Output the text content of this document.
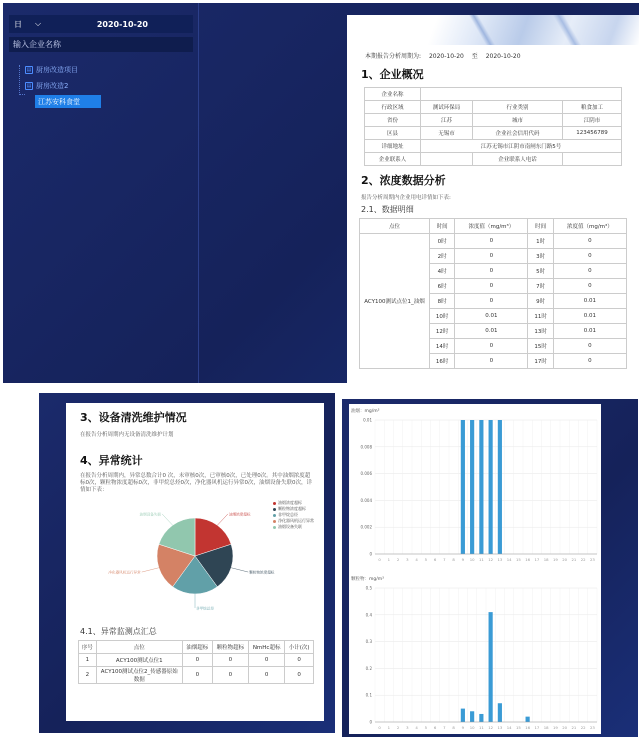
日	⌵	2020-10-20
输入企业名称
▤ 厨房改造项目
▤ 厨房改造2
江苏安科食堂
本期报告分析周期为: 2020-10-20 至 2020-10-20
1、企业概况
企业名称			
行政区域	测试环保局	行业类别	粮食加工
省份	江苏	城市	江阴市
区县	无锡市	企业社会信用代码	123456789
详细地址	江苏无锡市江阴市南闸东门路5号		
企业联系人		企业联系人电话	
2、浓度数据分析
报告分析周期内企业用电详情如下表:
2.1、数据明细
点位	时间	浓度值（mg/m³）	时间	浓度值（mg/m³）
ACY100测试点位1_油烟	0时	0	1时	0
	2时	0	3时	0
	4时	0	5时	0
	6时	0	7时	0
	8时	0	9时	0.01
	10时	0.01	11时	0.01
	12时	0.01	13时	0.01
	14时	0	15时	0
	16时	0	17时	0
3、设备清洗维护情况
在报告分析周期内无设备清洗维护计划
4、异常统计
在报告分析周期内，异常总数合计0 次，未审核0次，已审核0次，已处理0次。其中油烟浓度超标0次，颗粒物浓度超标0次，非甲烷总烃0次，净化器风机运行异常0次，油烟设备失联0次，详情如下表：
油烟浓度超标
颗粒物浓度超标
非甲烷总烃
净化器风机运行异常
油烟设备失联
油烟浓度超标
颗粒物浓度超标
非甲烷总烃
净化器风机运行异常
油烟设备失联
4.1、异常监测点汇总
序号	点位	油烟超标	颗粒物超标	NmHc超标	小计(次)
1	ACY100测试点位1	0	0	0	0
2	ACY100测试点位2_传感器原始数据	0	0	0	0
油烟：mg/m³
0
0.002
0.004
0.006
0.008
0.01
0 1 2 3 4 5 6 7 8 9 10 11 12 13 14 15 16 17 18 19 20 21 22 23
颗粒物：mg/m³
0
0.1
0.2
0.3
0.4
0.5
0 1 2 3 4 5 6 7 8 9 10 11 12 13 14 15 16 17 18 19 20 21 22 23
